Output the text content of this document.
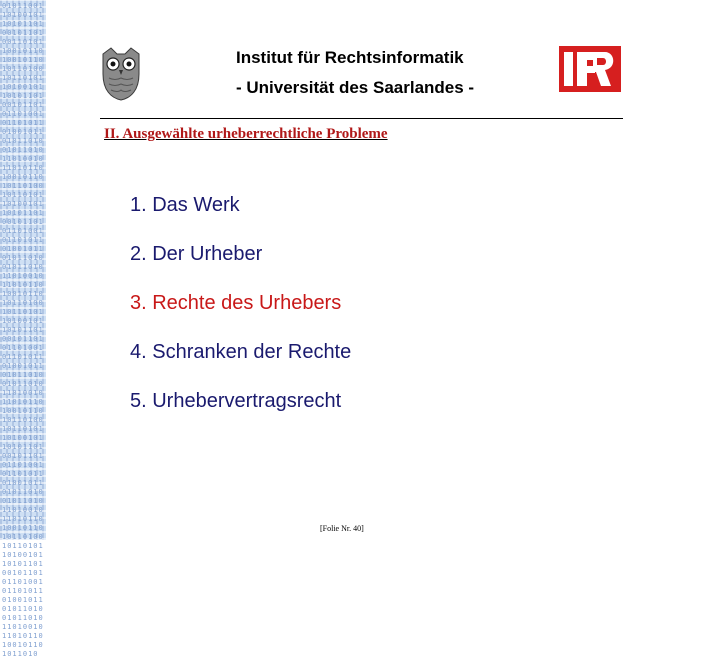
0101100110100101101011010010110100110101100101101001011010110100101101011010010110101101001011010110100101101011010010110101101001011010110100101101011010010110101101001011010110100101101011010010110101101001011010110100101101011010010110101101001011010110100101101011010010110101101001011010110100101101011010010110101101001011010110100101101011010010110101101001011010110100101101011010010110101101001011010110100101101011010010110101101001011010110100101101011010010110101101001011010110100101101011010010110101101001011010110100101101011010010110101101001011010110100101101011010
Institut für Rechtsinformatik
- Universität des Saarlandes -
II. Ausgewählte urheberrechtliche Probleme
1. Das Werk
2. Der Urheber
3. Rechte des Urhebers
4. Schranken der Rechte
5. Urhebervertragsrecht
[Folie Nr. 40]
